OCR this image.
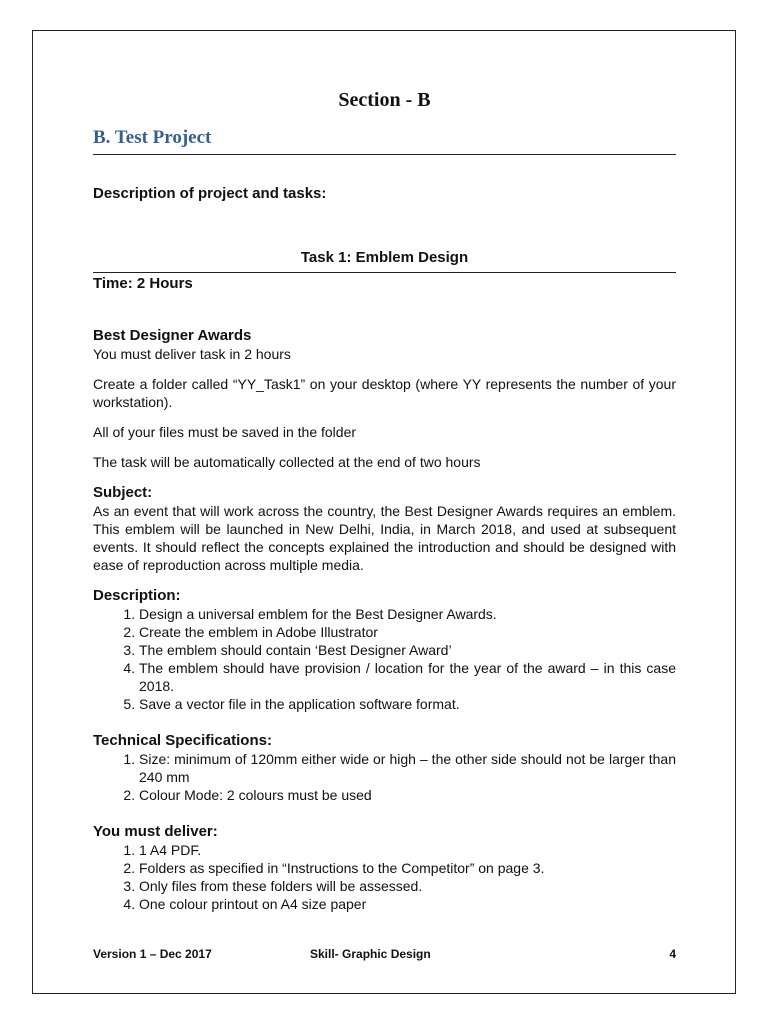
Section - B
B. Test Project

Description of project and tasks:

Task 1: Emblem Design

Time: 2 Hours

Best Designer Awards

You must deliver task in 2 hours

Create a folder called “YY_Task1” on your desktop (where YY represents the number of your workstation).

All of your files must be saved in the folder

The task will be automatically collected at the end of two hours

Subject:

As an event that will work across the country, the Best Designer Awards requires an emblem. This emblem will be launched in New Delhi, India, in March 2018, and used at subsequent events. It should reflect the concepts explained the introduction and should be designed with ease of reproduction across multiple media.

Description:

1. Design a universal emblem for the Best Designer Awards.
2. Create the emblem in Adobe Illustrator
3. The emblem should contain ‘Best Designer Award’
4. The emblem should have provision / location for the year of the award – in this case 2018.
5. Save a vector file in the application software format.

Technical Specifications:

1. Size: minimum of 120mm either wide or high – the other side should not be larger than 240 mm
2. Colour Mode: 2 colours must be used

You must deliver:

1. 1 A4 PDF.
2. Folders as specified in “Instructions to the Competitor” on page 3.
3. Only files from these folders will be assessed.
4. One colour printout on A4 size paper
Version 1 – Dec 2017	Skill- Graphic Design	4
